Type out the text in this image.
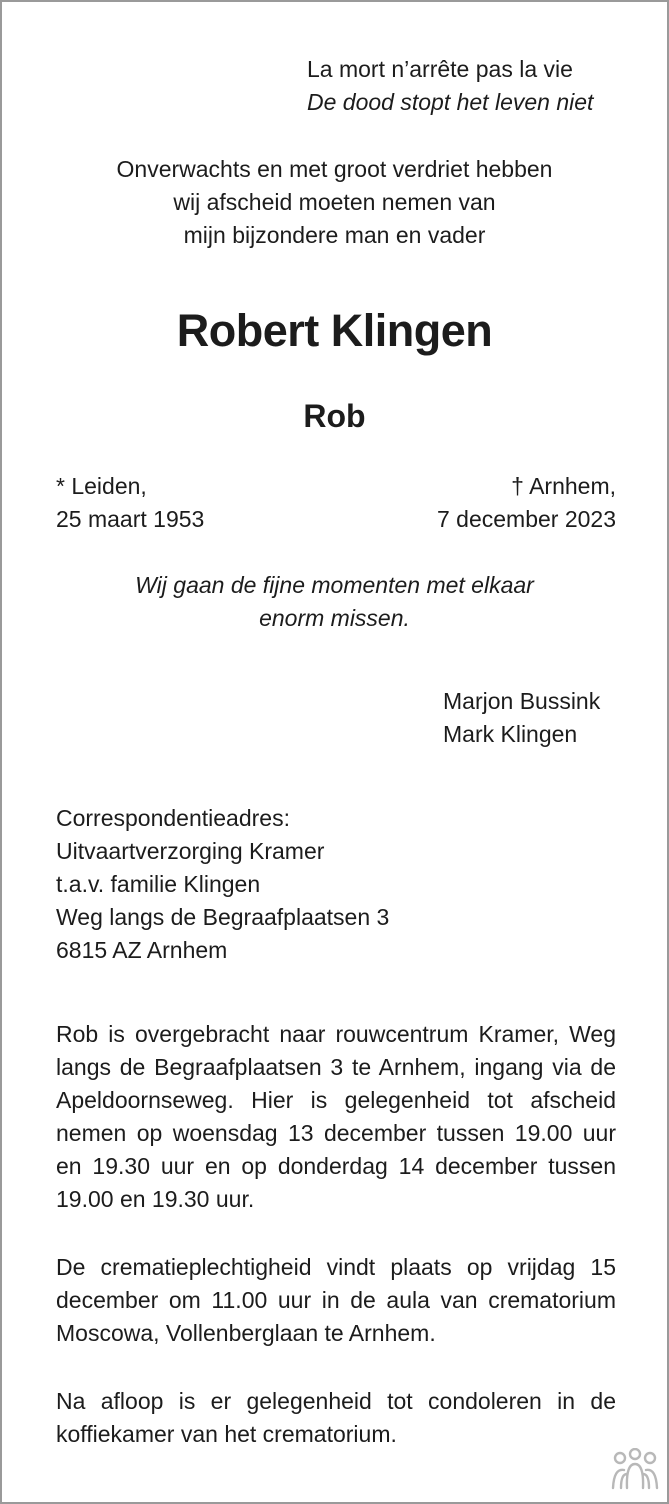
La mort n’arrête pas la vie
De dood stopt het leven niet
Onverwachts en met groot verdriet hebben
wij afscheid moeten nemen van
mijn bijzondere man en vader
Robert Klingen
Rob
* Leiden,
25 maart 1953
† Arnhem,
7 december 2023
Wij gaan de fijne momenten met elkaar
enorm missen.
Marjon Bussink
Mark Klingen
Correspondentieadres:
Uitvaartverzorging Kramer
t.a.v. familie Klingen
Weg langs de Begraafplaatsen 3
6815 AZ Arnhem
Rob is overgebracht naar rouwcentrum Kramer, Weg langs de Begraafplaatsen 3 te Arnhem, ingang via de Apeldoornseweg. Hier is gelegenheid tot afscheid nemen op woensdag 13 december tussen 19.00 uur en 19.30 uur en op donderdag 14 december tussen 19.00 en 19.30 uur.
De crematieplechtigheid vindt plaats op vrijdag 15 december om 11.00 uur in de aula van crematorium Moscowa, Vollenberglaan te Arnhem.
Na afloop is er gelegenheid tot condoleren in de koffiekamer van het crematorium.
